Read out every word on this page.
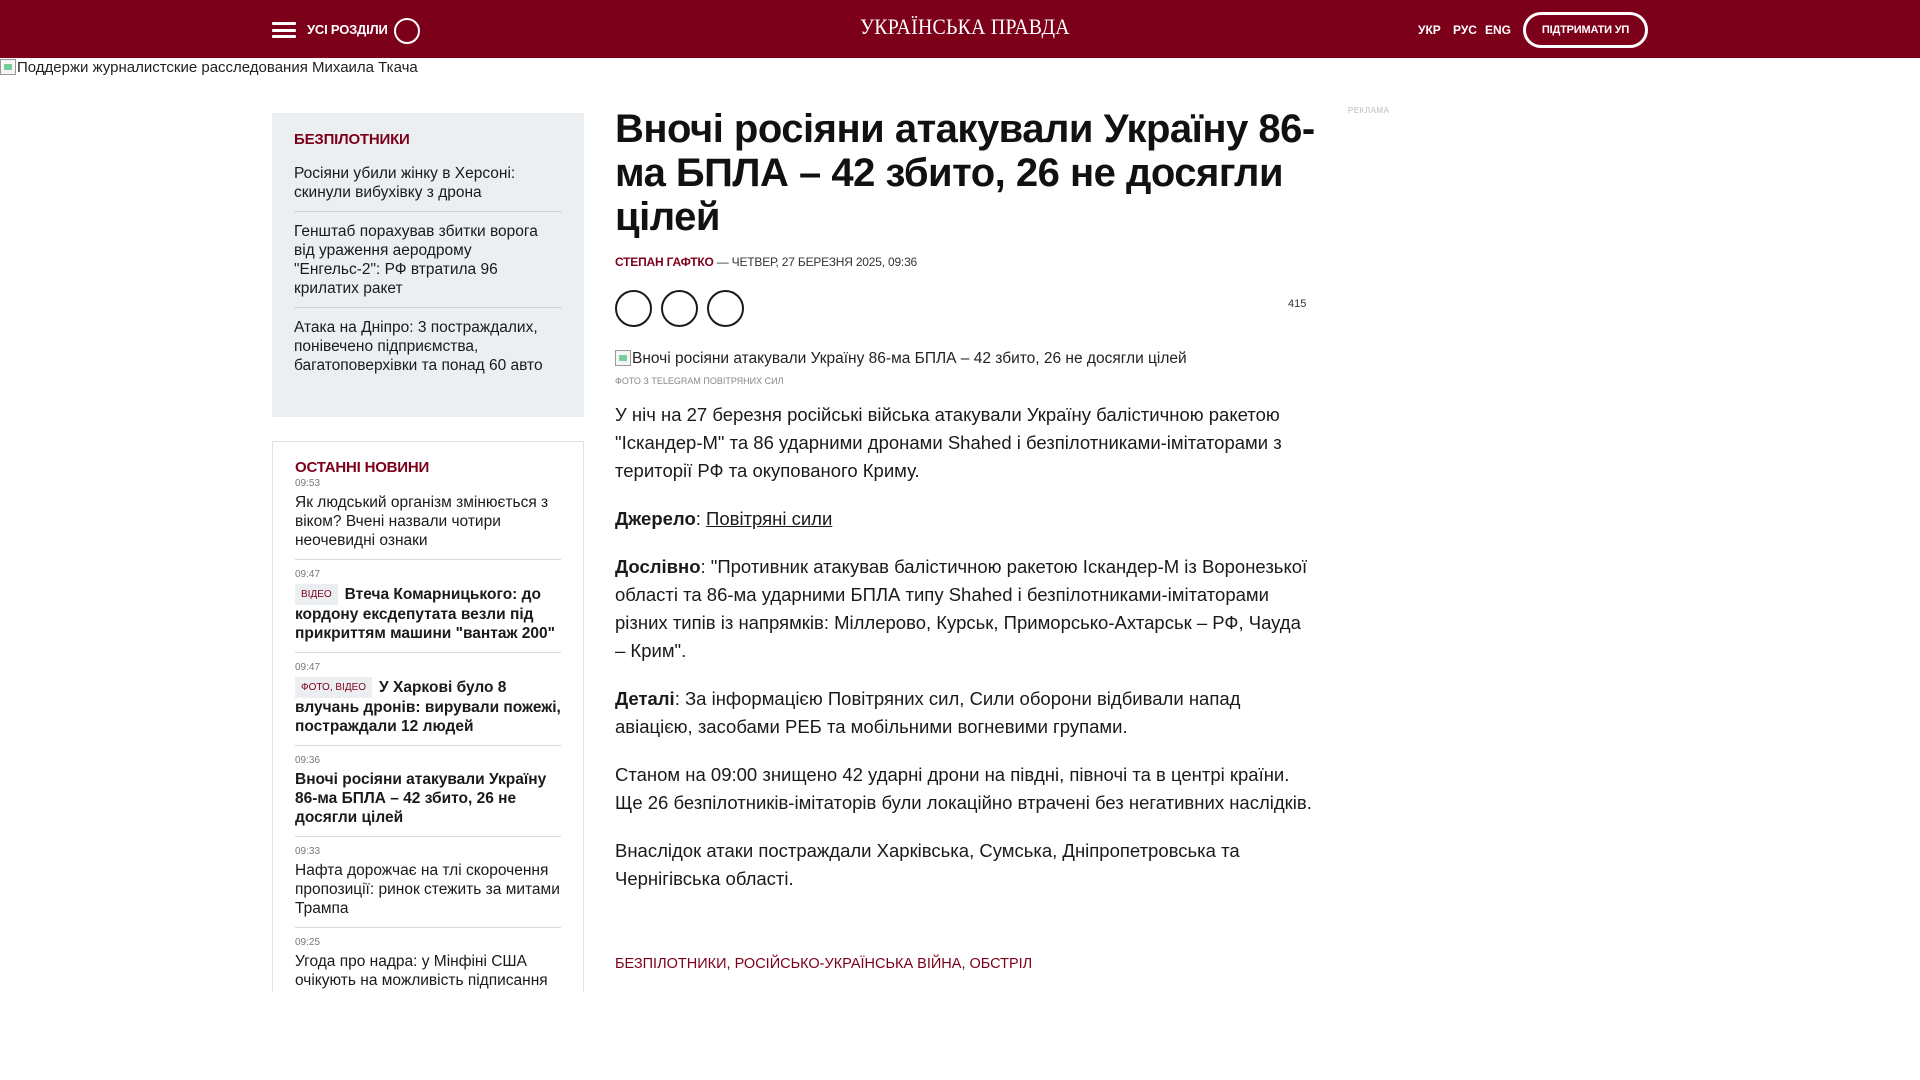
УСІ РОЗДІЛИ	УКРАЇНСЬКА ПРАВДА	УКР РУС ENG	ПІДТРИМАТИ УП
Поддержи журналистские расследования Михаила Ткача
БЕЗПІЛОТНИКИ
Росіяни убили жінку в Херсоні: скинули вибухівку з дрона
Генштаб порахував збитки ворога від ураження аеродрому "Енгельс-2": РФ втратила 96 крилатих ракет
Атака на Дніпро: 3 постраждалих, понівечено підприємства, багатоповерхівки та понад 60 авто
ОСТАННІ НОВИНИ
09:53
Як людський організм змінюється з віком? Вчені назвали чотири неочевидні ознаки
09:47
ВІДЕО Втеча Комарницького: до кордону ексдепутата везли під прикриттям машини "вантаж 200"
09:47
ФОТО, ВІДЕО У Харкові було 8 влучань дронів: вирували пожежі, постраждали 12 людей
09:36
Вночі росіяни атакували Україну 86-ма БПЛА – 42 збито, 26 не досягли цілей
09:33
Нафта дорожчає на тлі скорочення пропозиції: ринок стежить за митами Трампа
09:25
Угода про надра: у Мінфіні США очікують на можливість підписання
Вночі росіяни атакували Україну 86-ма БПЛА – 42 збито, 26 не досягли цілей
СТЕПАН ГАФТКО — ЧЕТВЕР, 27 БЕРЕЗНЯ 2025, 09:36
415
Вночі росіяни атакували Україну 86-ма БПЛА – 42 збито, 26 не досягли цілей
ФОТО З TELEGRAM ПОВІТРЯНИХ СИЛ

У ніч на 27 березня російські війська атакували Україну балістичною ракетою "Іскандер-М" та 86 ударними дронами Shahed і безпілотниками-імітаторами з території РФ та окупованого Криму.

Джерело: Повітряні сили

Дослівно: "Противник атакував балістичною ракетою Іскандер-М із Воронезької області та 86-ма ударними БПЛА типу Shahed і безпілотниками-імітаторами різних типів із напрямків: Міллерово, Курськ, Приморсько-Ахтарськ – РФ, Чауда – Крим".

Деталі: За інформацією Повітряних сил, Сили оборони відбивали напад авіацією, засобами РЕБ та мобільними вогневими групами.

Станом на 09:00 знищено 42 ударні дрони на півдні, півночі та в центрі країни. Ще 26 безпілотників-імітаторів були локаційно втрачені без негативних наслідків.

Внаслідок атаки постраждали Харківська, Сумська, Дніпропетровська та Чернігівська області.

БЕЗПІЛОТНИКИ, РОСІЙСЬКО-УКРАЇНСЬКА ВІЙНА, ОБСТРІЛ
РЕКЛАМА
